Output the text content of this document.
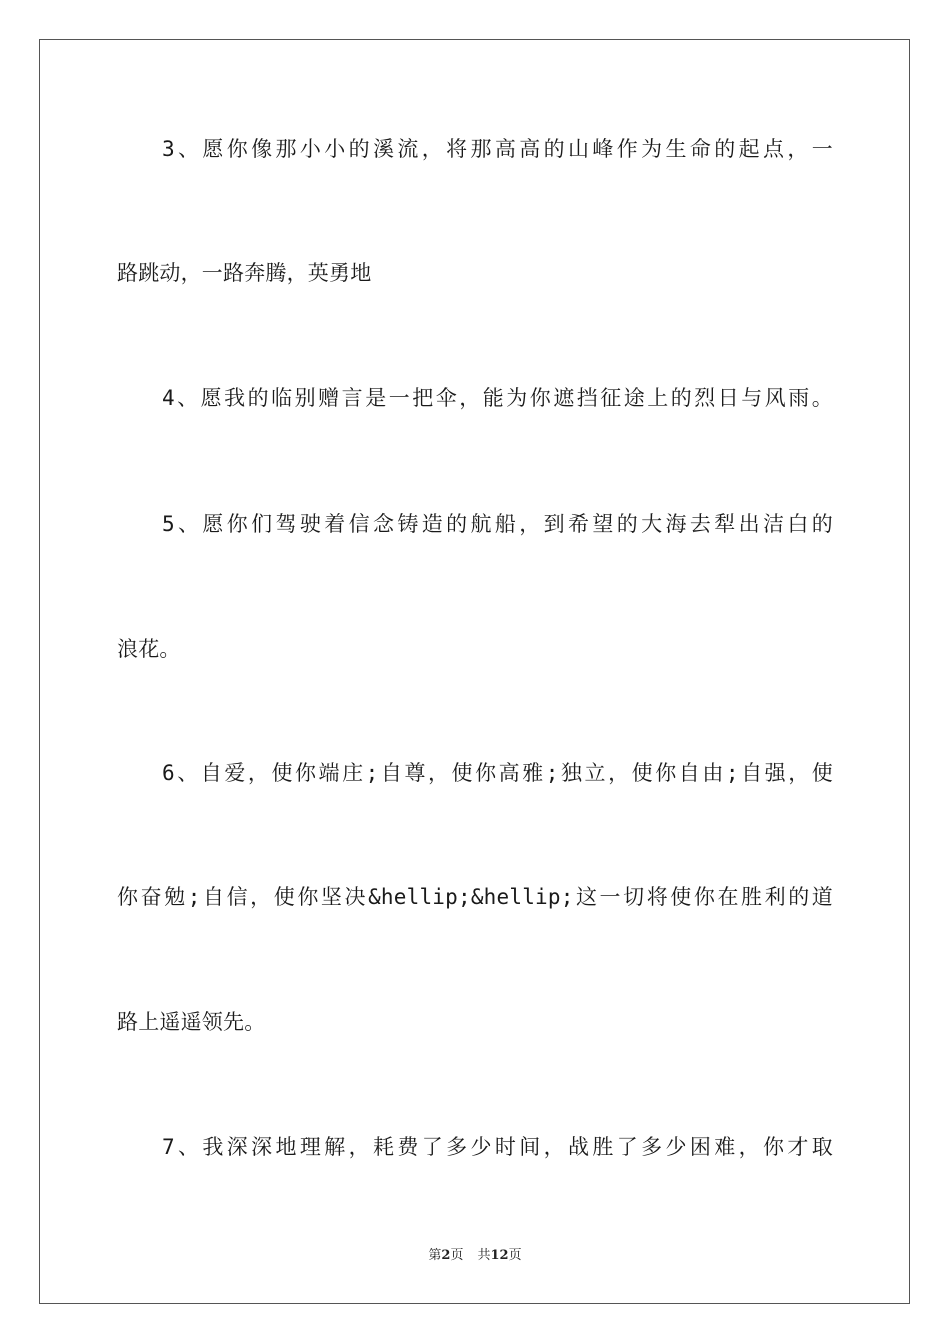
3、愿你像那小小的溪流，将那高高的山峰作为生命的起点，一
路跳动，一路奔腾，英勇地
4、愿我的临别赠言是一把伞，能为你遮挡征途上的烈日与风雨。
5、愿你们驾驶着信念铸造的航船，到希望的大海去犁出洁白的
浪花。
6、自爱，使你端庄;自尊，使你高雅;独立，使你自由;自强，使
你奋勉;自信，使你坚决&hellip;&hellip;这一切将使你在胜利的道
路上遥遥领先。
7、我深深地理解，耗费了多少时间，战胜了多少困难，你才取
第2页 共12页
